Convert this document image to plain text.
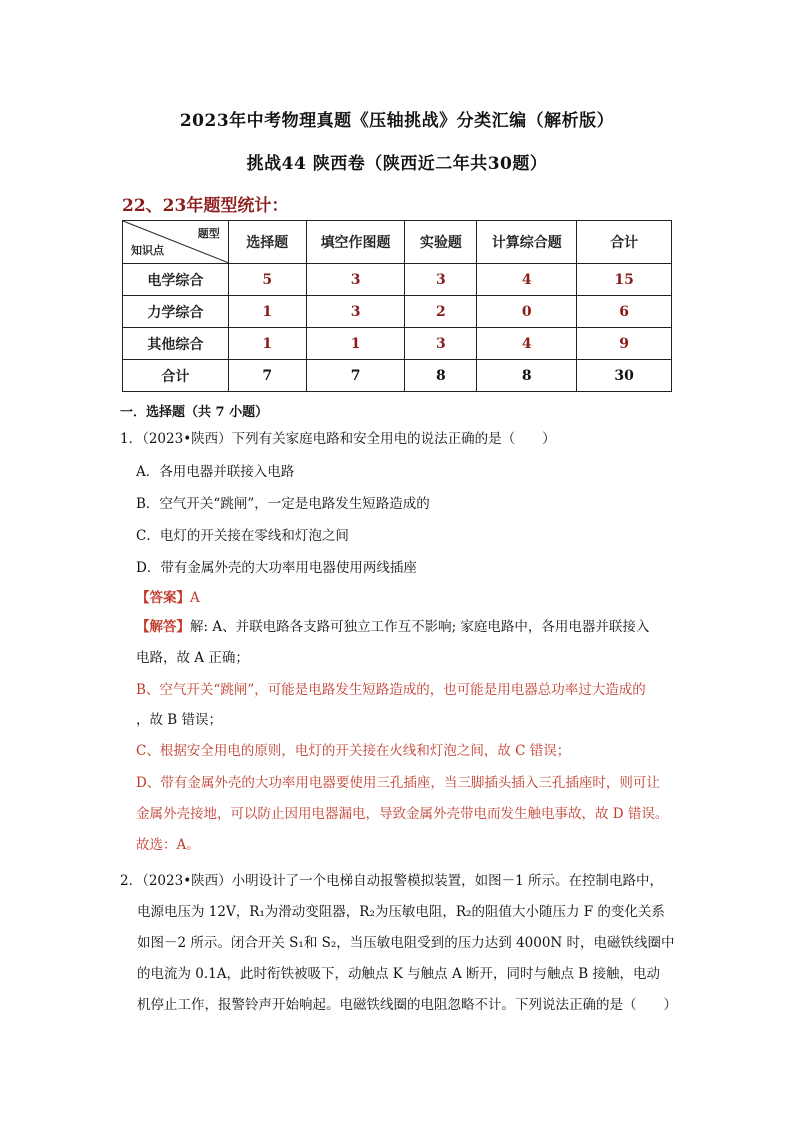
2023年中考物理真题《压轴挑战》分类汇编（解析版）
挑战44 陕西卷（陕西近二年共30题）
22、23年题型统计：
题型
知识点	选择题	填空作图题	实验题	计算综合题	合计
电学综合	5	3	3	4	15
力学综合	1	3	2	0	6
其他综合	1	1	3	4	9
合计	7	7	8	8	30
一．选择题（共 7 小题）
1．（2023•陕西）下列有关家庭电路和安全用电的说法正确的是（　　）
A．各用电器并联接入电路
B．空气开关“跳闸”，一定是电路发生短路造成的
C．电灯的开关接在零线和灯泡之间
D．带有金属外壳的大功率用电器使用两线插座
【答案】A
【解答】解: A、并联电路各支路可独立工作互不影响; 家庭电路中，各用电器并联接入
电路，故 A 正确；
B、空气开关“跳闸”，可能是电路发生短路造成的，也可能是用电器总功率过大造成的
，故 B 错误；
C、根据安全用电的原则，电灯的开关接在火线和灯泡之间，故 C 错误；
D、带有金属外壳的大功率用电器要使用三孔插座，当三脚插头插入三孔插座时，则可让
金属外壳接地，可以防止因用电器漏电，导致金属外壳带电而发生触电事故，故 D 错误。
故选：A。
2．（2023•陕西）小明设计了一个电梯自动报警模拟装置，如图－1 所示。在控制电路中，
电源电压为 12V，R₁为滑动变阻器，R₂为压敏电阻，R₂的阻值大小随压力 F 的变化关系
如图－2 所示。闭合开关 S₁和 S₂，当压敏电阻受到的压力达到 4000N 时，电磁铁线圈中
的电流为 0.1A，此时衔铁被吸下，动触点 K 与触点 A 断开，同时与触点 B 接触，电动
机停止工作，报警铃声开始响起。电磁铁线圈的电阻忽略不计。下列说法正确的是（　　）
